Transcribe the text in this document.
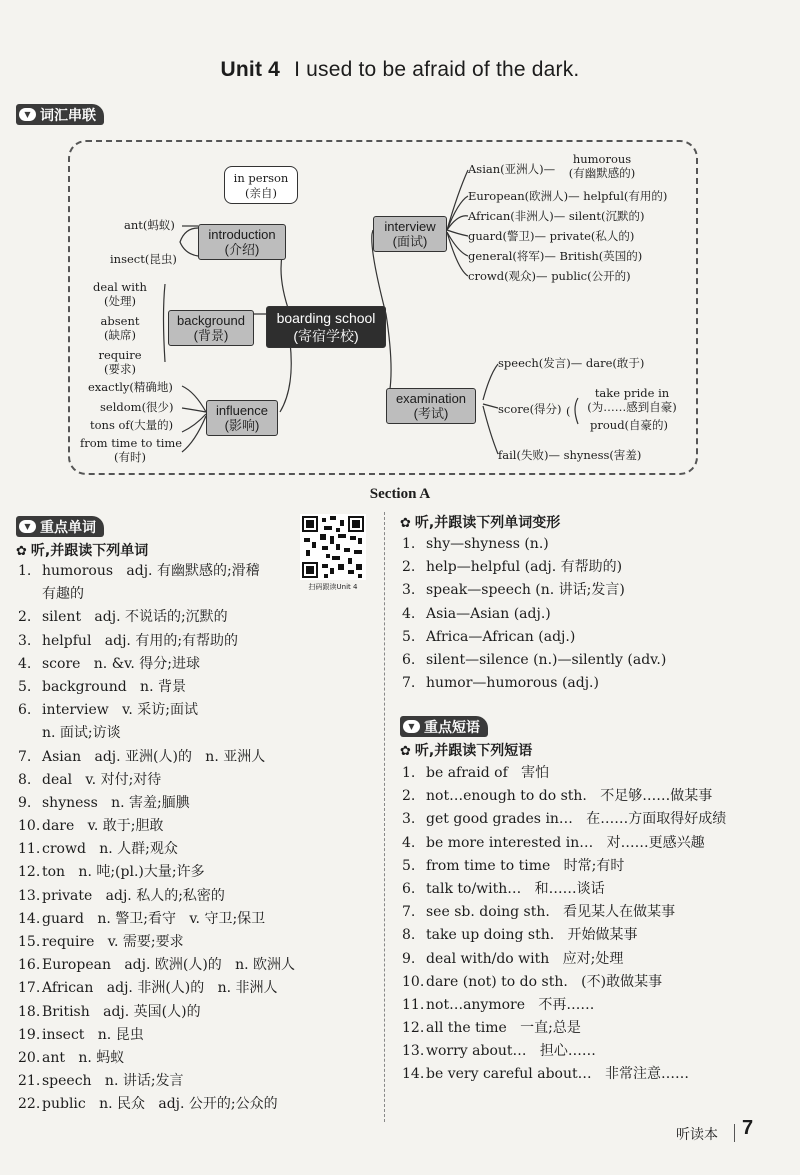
Unit 4 I used to be afraid of the dark.
▼ 词汇串联
in person
(亲自)
introduction
(介绍)
ant(蚂蚁)
insect(昆虫)
background
(背景)
deal with
(处理)
absent
(缺席)
require
(要求)
boarding school
(寄宿学校)
influence
(影响)
exactly(精确地)
seldom(很少)
tons of(大量的)
from time to time
(有时)
interview
(面试)
Asian(亚洲人)—
humorous
(有幽默感的)
European(欧洲人)— helpful(有用的)
African(非洲人)— silent(沉默的)
guard(警卫)— private(私人的)
general(将军)— British(英国的)
crowd(观众)— public(公开的)
examination
(考试)
speech(发言)— dare(敢于)
score(得分) (
take pride in
(为……感到自豪)
proud(自豪的)
fail(失败)— shyness(害羞)
Section A
▼ 重点单词
✿ 听,并跟读下列单词
扫码跟读Unit 4
1. humorous   adj. 有幽默感的;滑稽
有趣的
2. silent   adj. 不说话的;沉默的
3. helpful   adj. 有用的;有帮助的
4. score   n. &v. 得分;进球
5. background   n. 背景
6. interview   v. 采访;面试
n. 面试;访谈
7. Asian   adj. 亚洲(人)的   n. 亚洲人
8. deal   v. 对付;对待
9. shyness   n. 害羞;腼腆
10. dare   v. 敢于;胆敢
11. crowd   n. 人群;观众
12. ton   n. 吨;(pl.)大量;许多
13. private   adj. 私人的;私密的
14. guard   n. 警卫;看守   v. 守卫;保卫
15. require   v. 需要;要求
16. European   adj. 欧洲(人)的   n. 欧洲人
17. African   adj. 非洲(人)的   n. 非洲人
18. British   adj. 英国(人)的
19. insect   n. 昆虫
20. ant   n. 蚂蚁
21. speech   n. 讲话;发言
22. public   n. 民众   adj. 公开的;公众的
✿ 听,并跟读下列单词变形
1. shy—shyness (n.)
2. help—helpful (adj. 有帮助的)
3. speak—speech (n. 讲话;发言)
4. Asia—Asian (adj.)
5. Africa—African (adj.)
6. silent—silence (n.)—silently (adv.)
7. humor—humorous (adj.)
▼ 重点短语
✿ 听,并跟读下列短语
1. be afraid of   害怕
2. not…enough to do sth.   不足够……做某事
3. get good grades in…   在……方面取得好成绩
4. be more interested in…   对……更感兴趣
5. from time to time   时常;有时
6. talk to/with…   和……谈话
7. see sb. doing sth.   看见某人在做某事
8. take up doing sth.   开始做某事
9. deal with/do with   应对;处理
10. dare (not) to do sth.   (不)敢做某事
11. not…anymore   不再……
12. all the time   一直;总是
13. worry about…   担心……
14. be very careful about…   非常注意……
听读本 7
